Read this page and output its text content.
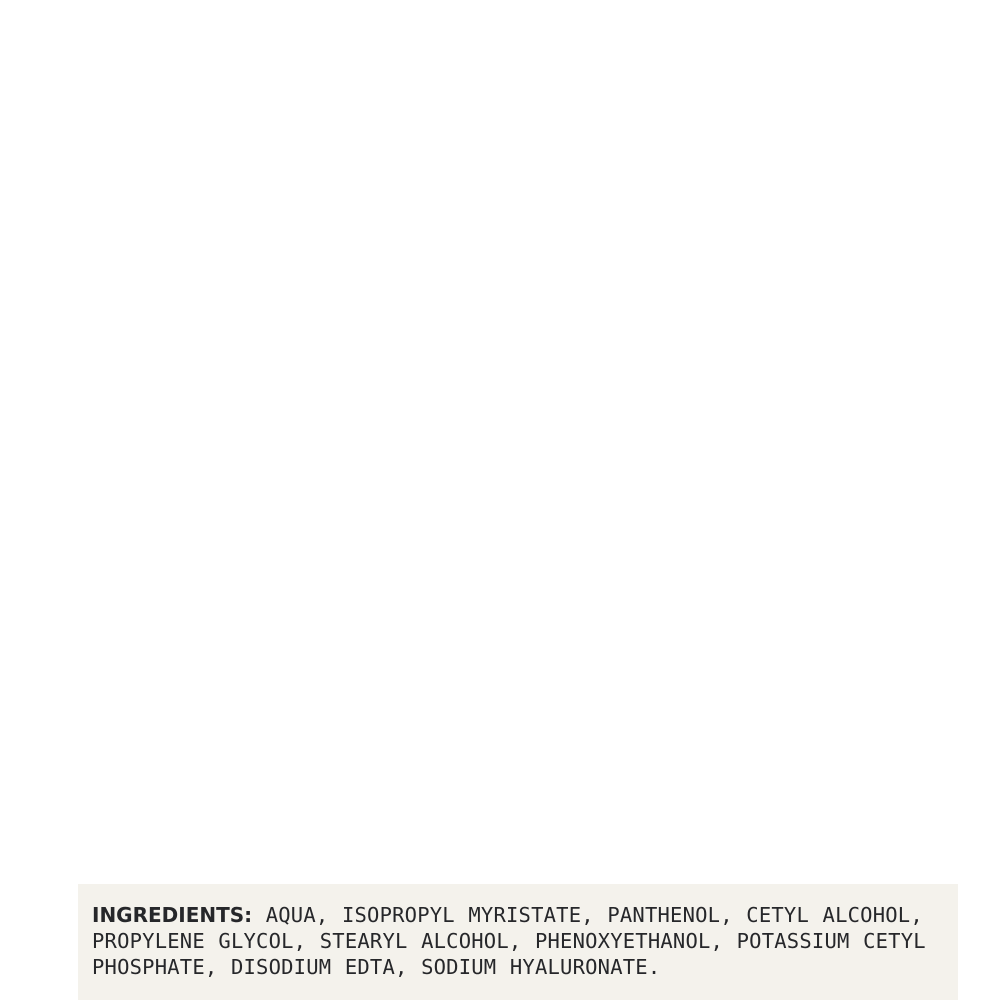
INGREDIENTS: AQUA, ISOPROPYL MYRISTATE, PANTHENOL, CETYL ALCOHOL, PROPYLENE GLYCOL, STEARYL ALCOHOL, PHENOXYETHANOL, POTASSIUM CETYL PHOSPHATE, DISODIUM EDTA, SODIUM HYALURONATE.
